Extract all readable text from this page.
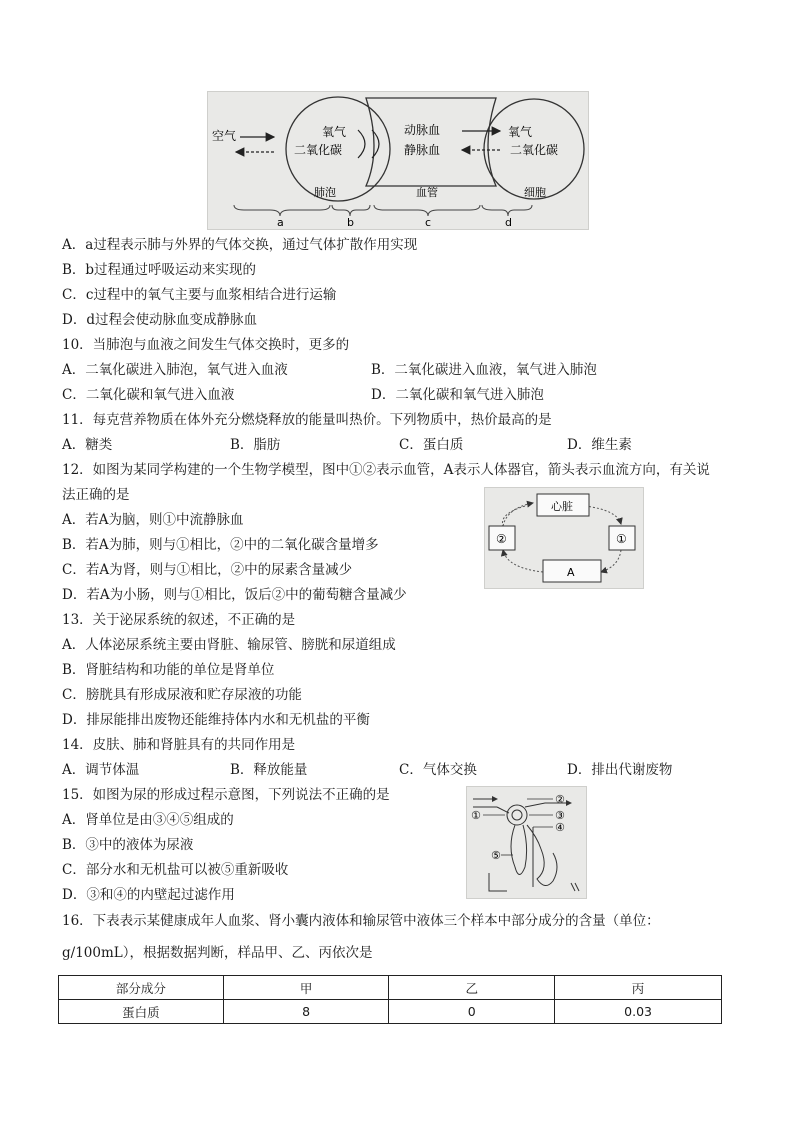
空气	氧气
二氧化碳
动脉血
静脉血
氧气
二氧化碳
肺泡	血管	细胞
a	b	c	d
A．a过程表示肺与外界的气体交换，通过气体扩散作用实现
B．b过程通过呼吸运动来实现的
C．c过程中的氧气主要与血浆相结合进行运输
D．d过程会使动脉血变成静脉血
10．当肺泡与血液之间发生气体交换时，更多的
A．二氧化碳进入肺泡，氧气进入血液	B．二氧化碳进入血液，氧气进入肺泡
C．二氧化碳和氧气进入血液	D．二氧化碳和氧气进入肺泡
11．每克营养物质在体外充分燃烧释放的能量叫热价。下列物质中，热价最高的是
A．糖类	B．脂肪	C．蛋白质	D．维生素
12．如图为某同学构建的一个生物学模型，图中①②表示血管，A表示人体器官，箭头表示血流方向，有关说
法正确的是
A．若A为脑，则①中流静脉血
B．若A为肺，则与①相比，②中的二氧化碳含量增多
C．若A为肾，则与①相比，②中的尿素含量减少
D．若A为小肠，则与①相比，饭后②中的葡萄糖含量减少
心脏
②	①
A
13．关于泌尿系统的叙述，不正确的是
A．人体泌尿系统主要由肾脏、输尿管、膀胱和尿道组成
B．肾脏结构和功能的单位是肾单位
C．膀胱具有形成尿液和贮存尿液的功能
D．排尿能排出废物还能维持体内水和无机盐的平衡
14．皮肤、肺和肾脏具有的共同作用是
A．调节体温	B．释放能量	C．气体交换	D．排出代谢废物
15．如图为尿的形成过程示意图，下列说法不正确的是
A．肾单位是由③④⑤组成的
B．③中的液体为尿液
C．部分水和无机盐可以被⑤重新吸收
D．③和④的内壁起过滤作用
①
②
③
④
⑤
16．下表表示某健康成年人血浆、肾小囊内液体和输尿管中液体三个样本中部分成分的含量（单位：
g/100mL），根据数据判断，样品甲、乙、丙依次是
部分成分	甲	乙	丙
蛋白质	8	0	0.03
